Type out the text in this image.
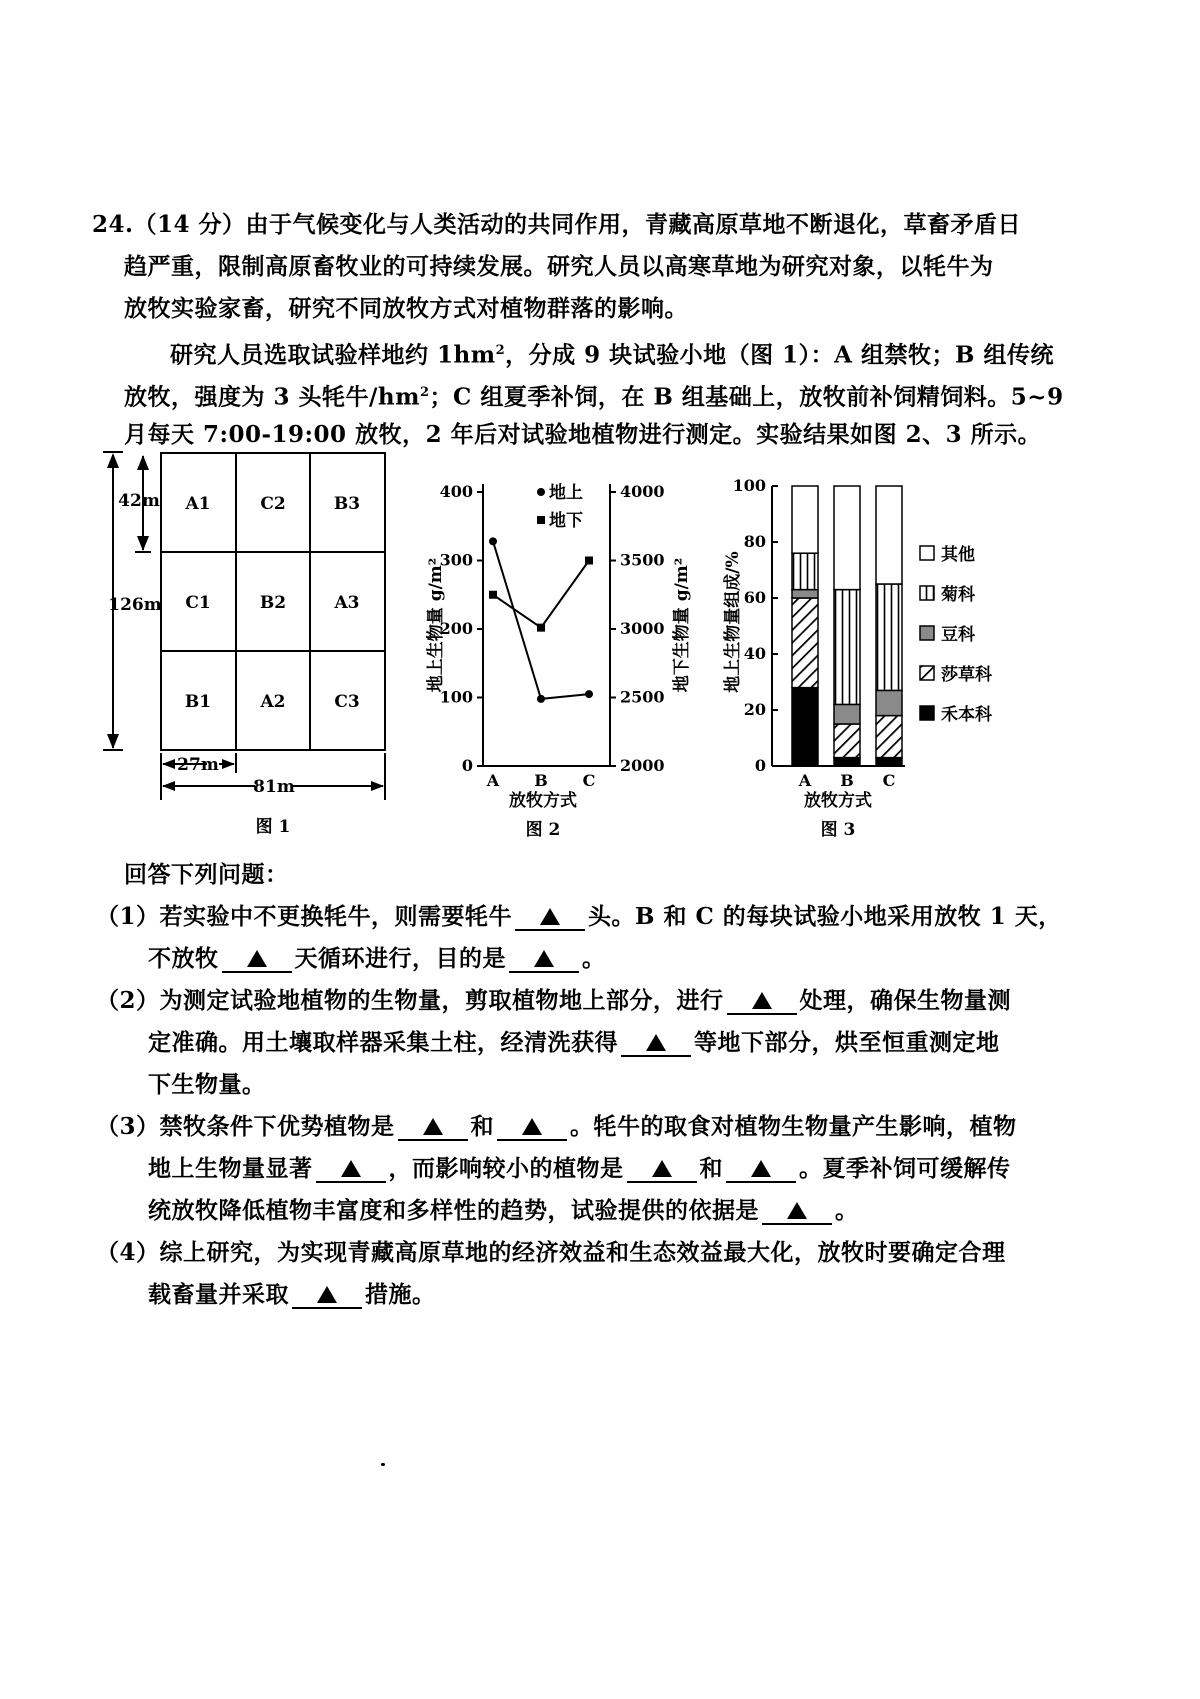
24.（14 分）由于气候变化与人类活动的共同作用，青藏高原草地不断退化，草畜矛盾日
趋严重，限制高原畜牧业的可持续发展。研究人员以高寒草地为研究对象，以牦牛为
放牧实验家畜，研究不同放牧方式对植物群落的影响。
研究人员选取试验样地约 $1hm^2$，分成 9 块试验小地（图 1）：A 组禁牧；B 组传统
放牧，强度为 3 头牦牛$/hm^2$；C 组夏季补饲，在 B 组基础上，放牧前补饲精饲料。5~9
月每天 7:00-19:00 放牧，2 年后对试验地植物进行测定。实验结果如图 2、3 所示。
A1	C2	B3
C1	B2	A3
B1	A2	C3
126m
42m
27m
81m
图 1
400
300
200
100
0
4000
3500
3000
2500
2000
A B C
地上生物量 g/m²	地下生物量 g/m²
地上
地下
放牧方式
图 2
100
80
60
40
20
0
A B C
地上生物量组成/%	其他
菊科
豆科
莎草科
禾本科
放牧方式
图 3
回答下列问题：
（1）若实验中不更换牦牛，则需要牦牛	头。B 和 C 的每块试验小地采用放牧 1 天，
不放牧	天循环进行，目的是	。
（2）为测定试验地植物的生物量，剪取植物地上部分，进行	处理，确保生物量测
定准确。用土壤取样器采集土柱，经清洗获得	等地下部分，烘至恒重测定地
下生物量。
（3）禁牧条件下优势植物是	和	。牦牛的取食对植物生物量产生影响，植物
地上生物量显著	，而影响较小的植物是	和	。夏季补饲可缓解传
统放牧降低植物丰富度和多样性的趋势，试验提供的依据是	。
（4）综上研究，为实现青藏高原草地的经济效益和生态效益最大化，放牧时要确定合理
载畜量并采取	措施。
